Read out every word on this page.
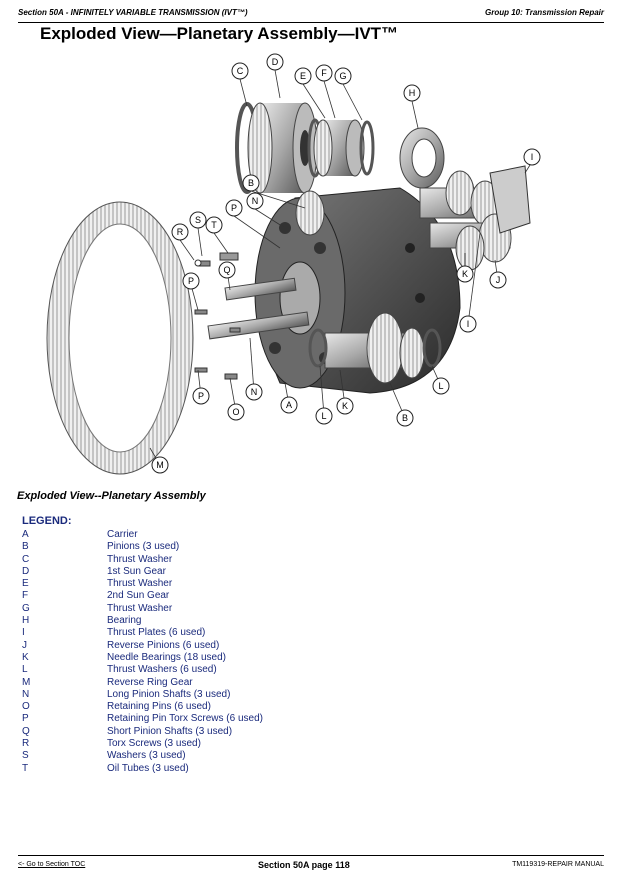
Section 50A - INFINITELY VARIABLE TRANSMISSION (IVT™)	Group 10: Transmission Repair
Exploded View—Planetary Assembly—IVT™
C
D
E F G
H
I
B
N
P
T
S
R
Q
P
K
J
I
P	N
A
L
K
O
B
L
M
Exploded View--Planetary Assembly
LEGEND:
A	Carrier
B	Pinions (3 used)
C	Thrust Washer
D	1st Sun Gear
E	Thrust Washer
F	2nd Sun Gear
G	Thrust Washer
H	Bearing
I	Thrust Plates (6 used)
J	Reverse Pinions (6 used)
K	Needle Bearings (18 used)
L	Thrust Washers (6 used)
M	Reverse Ring Gear
N	Long Pinion Shafts (3 used)
O	Retaining Pins (6 used)
P	Retaining Pin Torx Screws (6 used)
Q	Short Pinion Shafts (3 used)
R	Torx Screws (3 used)
S	Washers (3 used)
T	Oil Tubes (3 used)
<- Go to Section TOC	Section 50A page 118	TM119319-REPAIR MANUAL
